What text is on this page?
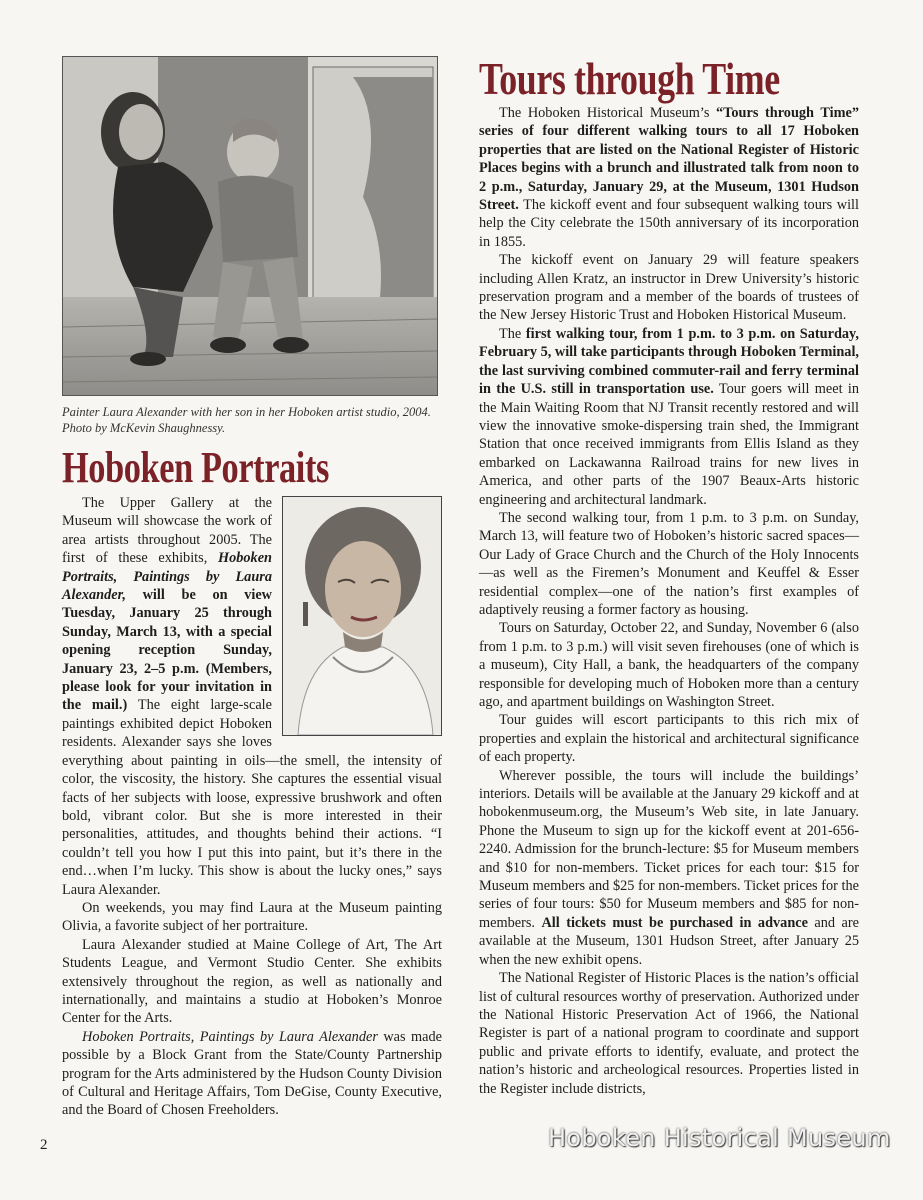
Painter Laura Alexander with her son in her Hoboken artist studio, 2004. Photo by McKevin Shaughnessy.

Hoboken Portraits

The Upper Gallery at the Museum will showcase the work of area artists throughout 2005. The first of these exhibits, Hoboken Portraits, Paintings by Laura Alexander, will be on view Tuesday, January 25 through Sunday, March 13, with a special opening reception Sunday, January 23, 2–5 p.m. (Members, please look for your invitation in the mail.) The eight large-scale paintings exhibited depict Hoboken residents. Alexander says she loves everything about painting in oils—the smell, the intensity of color, the viscosity, the history. She captures the essential visual facts of her subjects with loose, expressive brushwork and often bold, vibrant color. But she is more interested in their personalities, attitudes, and thoughts behind their actions. “I couldn’t tell you how I put this into paint, but it’s there in the end…when I’m lucky. This show is about the lucky ones,” says Laura Alexander.

On weekends, you may find Laura at the Museum painting Olivia, a favorite subject of her portraiture.

Laura Alexander studied at Maine College of Art, The Art Students League, and Vermont Studio Center. She exhibits extensively throughout the region, as well as nationally and internationally, and maintains a studio at Hoboken’s Monroe Center for the Arts.

Hoboken Portraits, Paintings by Laura Alexander was made possible by a Block Grant from the State/County Partnership program for the Arts administered by the Hudson County Division of Cultural and Heritage Affairs, Tom DeGise, County Executive, and the Board of Chosen Freeholders.

Tours through Time

The Hoboken Historical Museum’s “Tours through Time” series of four different walking tours to all 17 Hoboken properties that are listed on the National Register of Historic Places begins with a brunch and illustrated talk from noon to 2 p.m., Saturday, January 29, at the Museum, 1301 Hudson Street. The kickoff event and four subsequent walking tours will help the City celebrate the 150th anniversary of its incorporation in 1855.

The kickoff event on January 29 will feature speakers including Allen Kratz, an instructor in Drew University’s historic preservation program and a member of the boards of trustees of the New Jersey Historic Trust and Hoboken Historical Museum.

The first walking tour, from 1 p.m. to 3 p.m. on Saturday, February 5, will take participants through Hoboken Terminal, the last surviving combined commuter-rail and ferry terminal in the U.S. still in transportation use. Tour goers will meet in the Main Waiting Room that NJ Transit recently restored and will view the innovative smoke-dispersing train shed, the Immigrant Station that once received immigrants from Ellis Island as they embarked on Lackawanna Railroad trains for new lives in America, and other parts of the 1907 Beaux-Arts historic engineering and architectural landmark.

The second walking tour, from 1 p.m. to 3 p.m. on Sunday, March 13, will feature two of Hoboken’s historic sacred spaces—Our Lady of Grace Church and the Church of the Holy Innocents—as well as the Firemen’s Monument and Keuffel & Esser residential complex—one of the nation’s first examples of adaptively reusing a former factory as housing.

Tours on Saturday, October 22, and Sunday, November 6 (also from 1 p.m. to 3 p.m.) will visit seven firehouses (one of which is a museum), City Hall, a bank, the headquarters of the company responsible for developing much of Hoboken more than a century ago, and apartment buildings on Washington Street.

Tour guides will escort participants to this rich mix of properties and explain the historical and architectural significance of each property.

Wherever possible, the tours will include the buildings’ interiors. Details will be available at the January 29 kickoff and at hobokenmuseum.org, the Museum’s Web site, in late January. Phone the Museum to sign up for the kickoff event at 201-656-2240. Admission for the brunch-lecture: $5 for Museum members and $10 for non-members. Ticket prices for each tour: $15 for Museum members and $25 for non-members. Ticket prices for the series of four tours: $50 for Museum members and $85 for non-members. All tickets must be purchased in advance and are available at the Museum, 1301 Hudson Street, after January 25 when the new exhibit opens.

The National Register of Historic Places is the nation’s official list of cultural resources worthy of preservation. Authorized under the National Historic Preservation Act of 1966, the National Register is part of a national program to coordinate and support public and private efforts to identify, evaluate, and protect the nation’s historic and archeological resources. Properties listed in the Register include districts,

2	Hoboken Historical Museum
